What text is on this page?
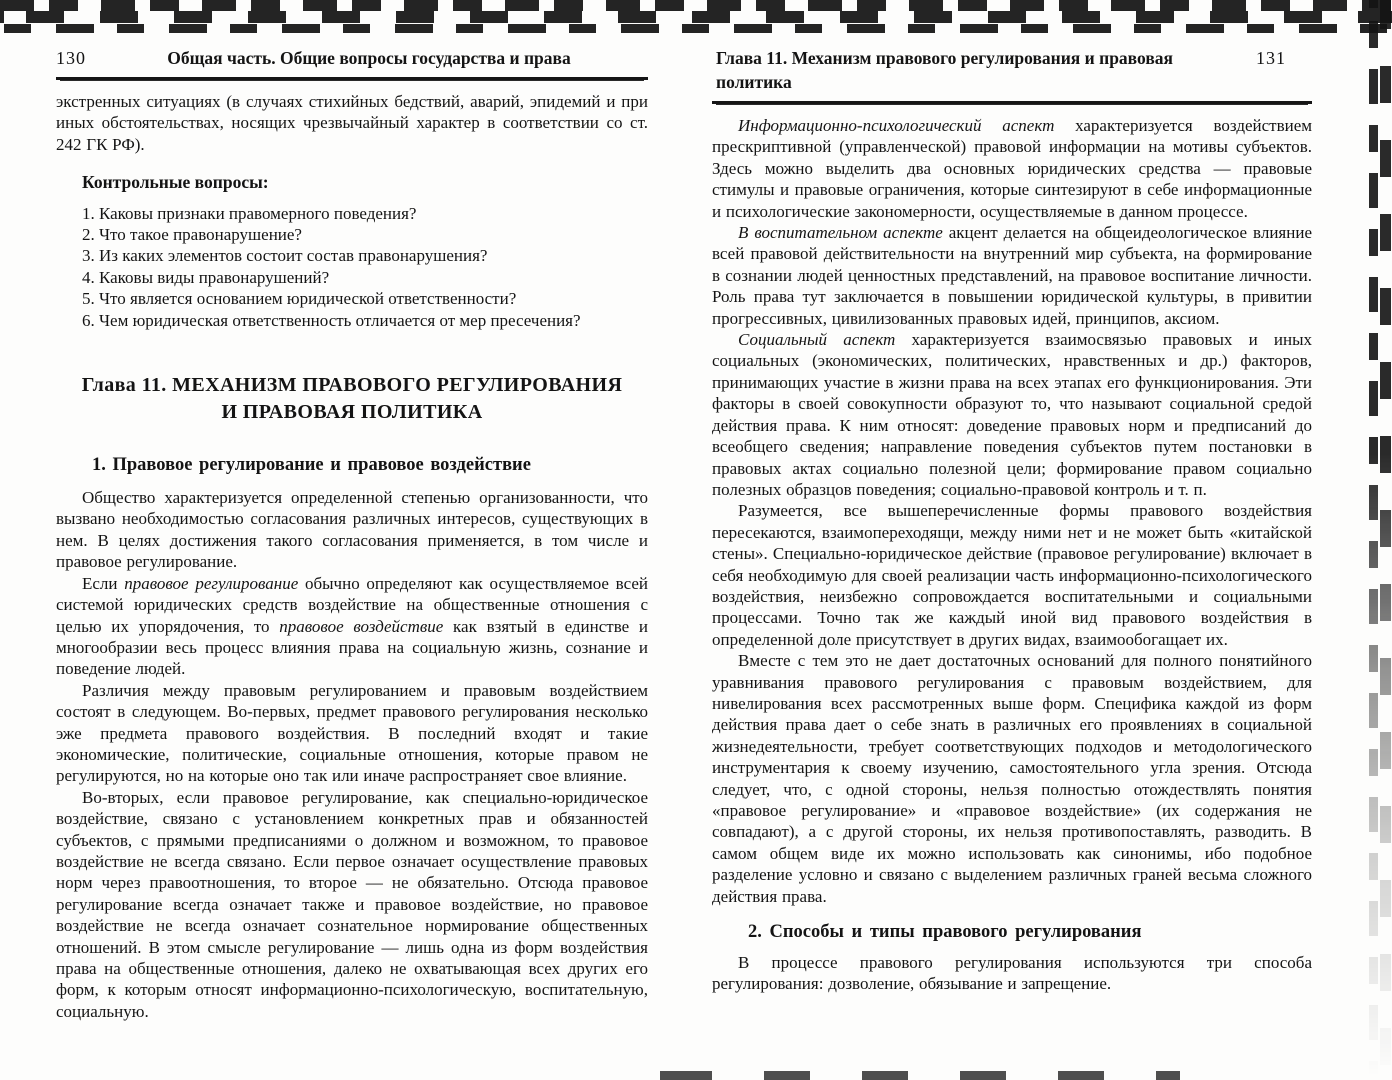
130	Общая часть. Общие вопросы государства и права

экстренных ситуациях (в случаях стихийных бедствий, аварий, эпидемий и при иных обстоятельствах, носящих чрезвычайный характер в соответствии со ст. 242 ГК РФ).

Контрольные вопросы:
1. Каковы признаки правомерного поведения?
2. Что такое правонарушение?
3. Из каких элементов состоит состав правонарушения?
4. Каковы виды правонарушений?
5. Что является основанием юридической ответственности?
6. Чем юридическая ответственность отличается от мер пресечения?
Глава 11. МЕХАНИЗМ ПРАВОВОГО РЕГУЛИРОВАНИЯ
И ПРАВОВАЯ ПОЛИТИКА
1. Правовое регулирование и правовое воздействие

Общество характеризуется определенной степенью организованности, что вызвано необходимостью согласования различных интересов, существующих в нем. В целях достижения такого согласования применяется, в том числе и правовое регулирование.

Если правовое регулирование обычно определяют как осуществляемое всей системой юридических средств воздействие на общественные отношения с целью их упорядочения, то правовое воздействие как взятый в единстве и многообразии весь процесс влияния права на социальную жизнь, сознание и поведение людей.

Различия между правовым регулированием и правовым воздействием состоят в следующем. Во-первых, предмет правового регулирования несколько эже предмета правового воздействия. В последний входят и такие экономические, политические, социальные отношения, которые правом не регулируются, но на которые оно так или иначе распространяет свое влияние.

Во-вторых, если правовое регулирование, как специально-юридическое воздействие, связано с установлением конкретных прав и обязанностей субъектов, с прямыми предписаниями о должном и возможном, то правовое воздействие не всегда связано. Если первое означает осуществление правовых норм через правоотношения, то второе — не обязательно. Отсюда правовое регулирование всегда означает также и правовое воздействие, но правовое воздействие не всегда означает сознательное нормирование общественных отношений. В этом смысле регулирование — лишь одна из форм воздействия права на общественные отношения, далеко не охватывающая всех других его форм, к которым относят информационно-психологическую, воспитательную, социальную.

Глава 11. Механизм правового регулирования и правовая политика
131

Информационно-психологический аспект характеризуется воздействием прескриптивной (управленческой) правовой информации на мотивы субъектов. Здесь можно выделить два основных юридических средства — правовые стимулы и правовые ограничения, которые синтезируют в себе информационные и психологические закономерности, осуществляемые в данном процессе.

В воспитательном аспекте акцент делается на общеидеологическое влияние всей правовой действительности на внутренний мир субъекта, на формирование в сознании людей ценностных представлений, на правовое воспитание личности. Роль права тут заключается в повышении юридической культуры, в привитии прогрессивных, цивилизованных правовых идей, принципов, аксиом.

Социальный аспект характеризуется взаимосвязью правовых и иных социальных (экономических, политических, нравственных и др.) факторов, принимающих участие в жизни права на всех этапах его функционирования. Эти факторы в своей совокупности образуют то, что называют социальной средой действия права. К ним относят: доведение правовых норм и предписаний до всеобщего сведения; направление поведения субъектов путем постановки в правовых актах социально полезной цели; формирование правом социально полезных образцов поведения; социально-правовой контроль и т. п.

Разумеется, все вышеперечисленные формы правового воздействия пересекаются, взаимопереходящи, между ними нет и не может быть «китайской стены». Специально-юридическое действие (правовое регулирование) включает в себя необходимую для своей реализации часть информационно-психологического воздействия, неизбежно сопровождается воспитательными и социальными процессами. Точно так же каждый иной вид правового воздействия в определенной доле присутствует в других видах, взаимообогащает их.

Вместе с тем это не дает достаточных оснований для полного понятийного уравнивания правового регулирования с правовым воздействием, для нивелирования всех рассмотренных выше форм. Специфика каждой из форм действия права дает о себе знать в различных его проявлениях в социальной жизнедеятельности, требует соответствующих подходов и методологического инструментария к своему изучению, самостоятельного угла зрения. Отсюда следует, что, с одной стороны, нельзя полностью отождествлять понятия «правовое регулирование» и «правовое воздействие» (их содержания не совпадают), а с другой стороны, их нельзя противопоставлять, разводить. В самом общем виде их можно использовать как синонимы, ибо подобное разделение условно и связано с выделением различных граней весьма сложного действия права.

2. Способы и типы правового регулирования

В процессе правового регулирования используются три способа регулирования: дозволение, обязывание и запрещение.
